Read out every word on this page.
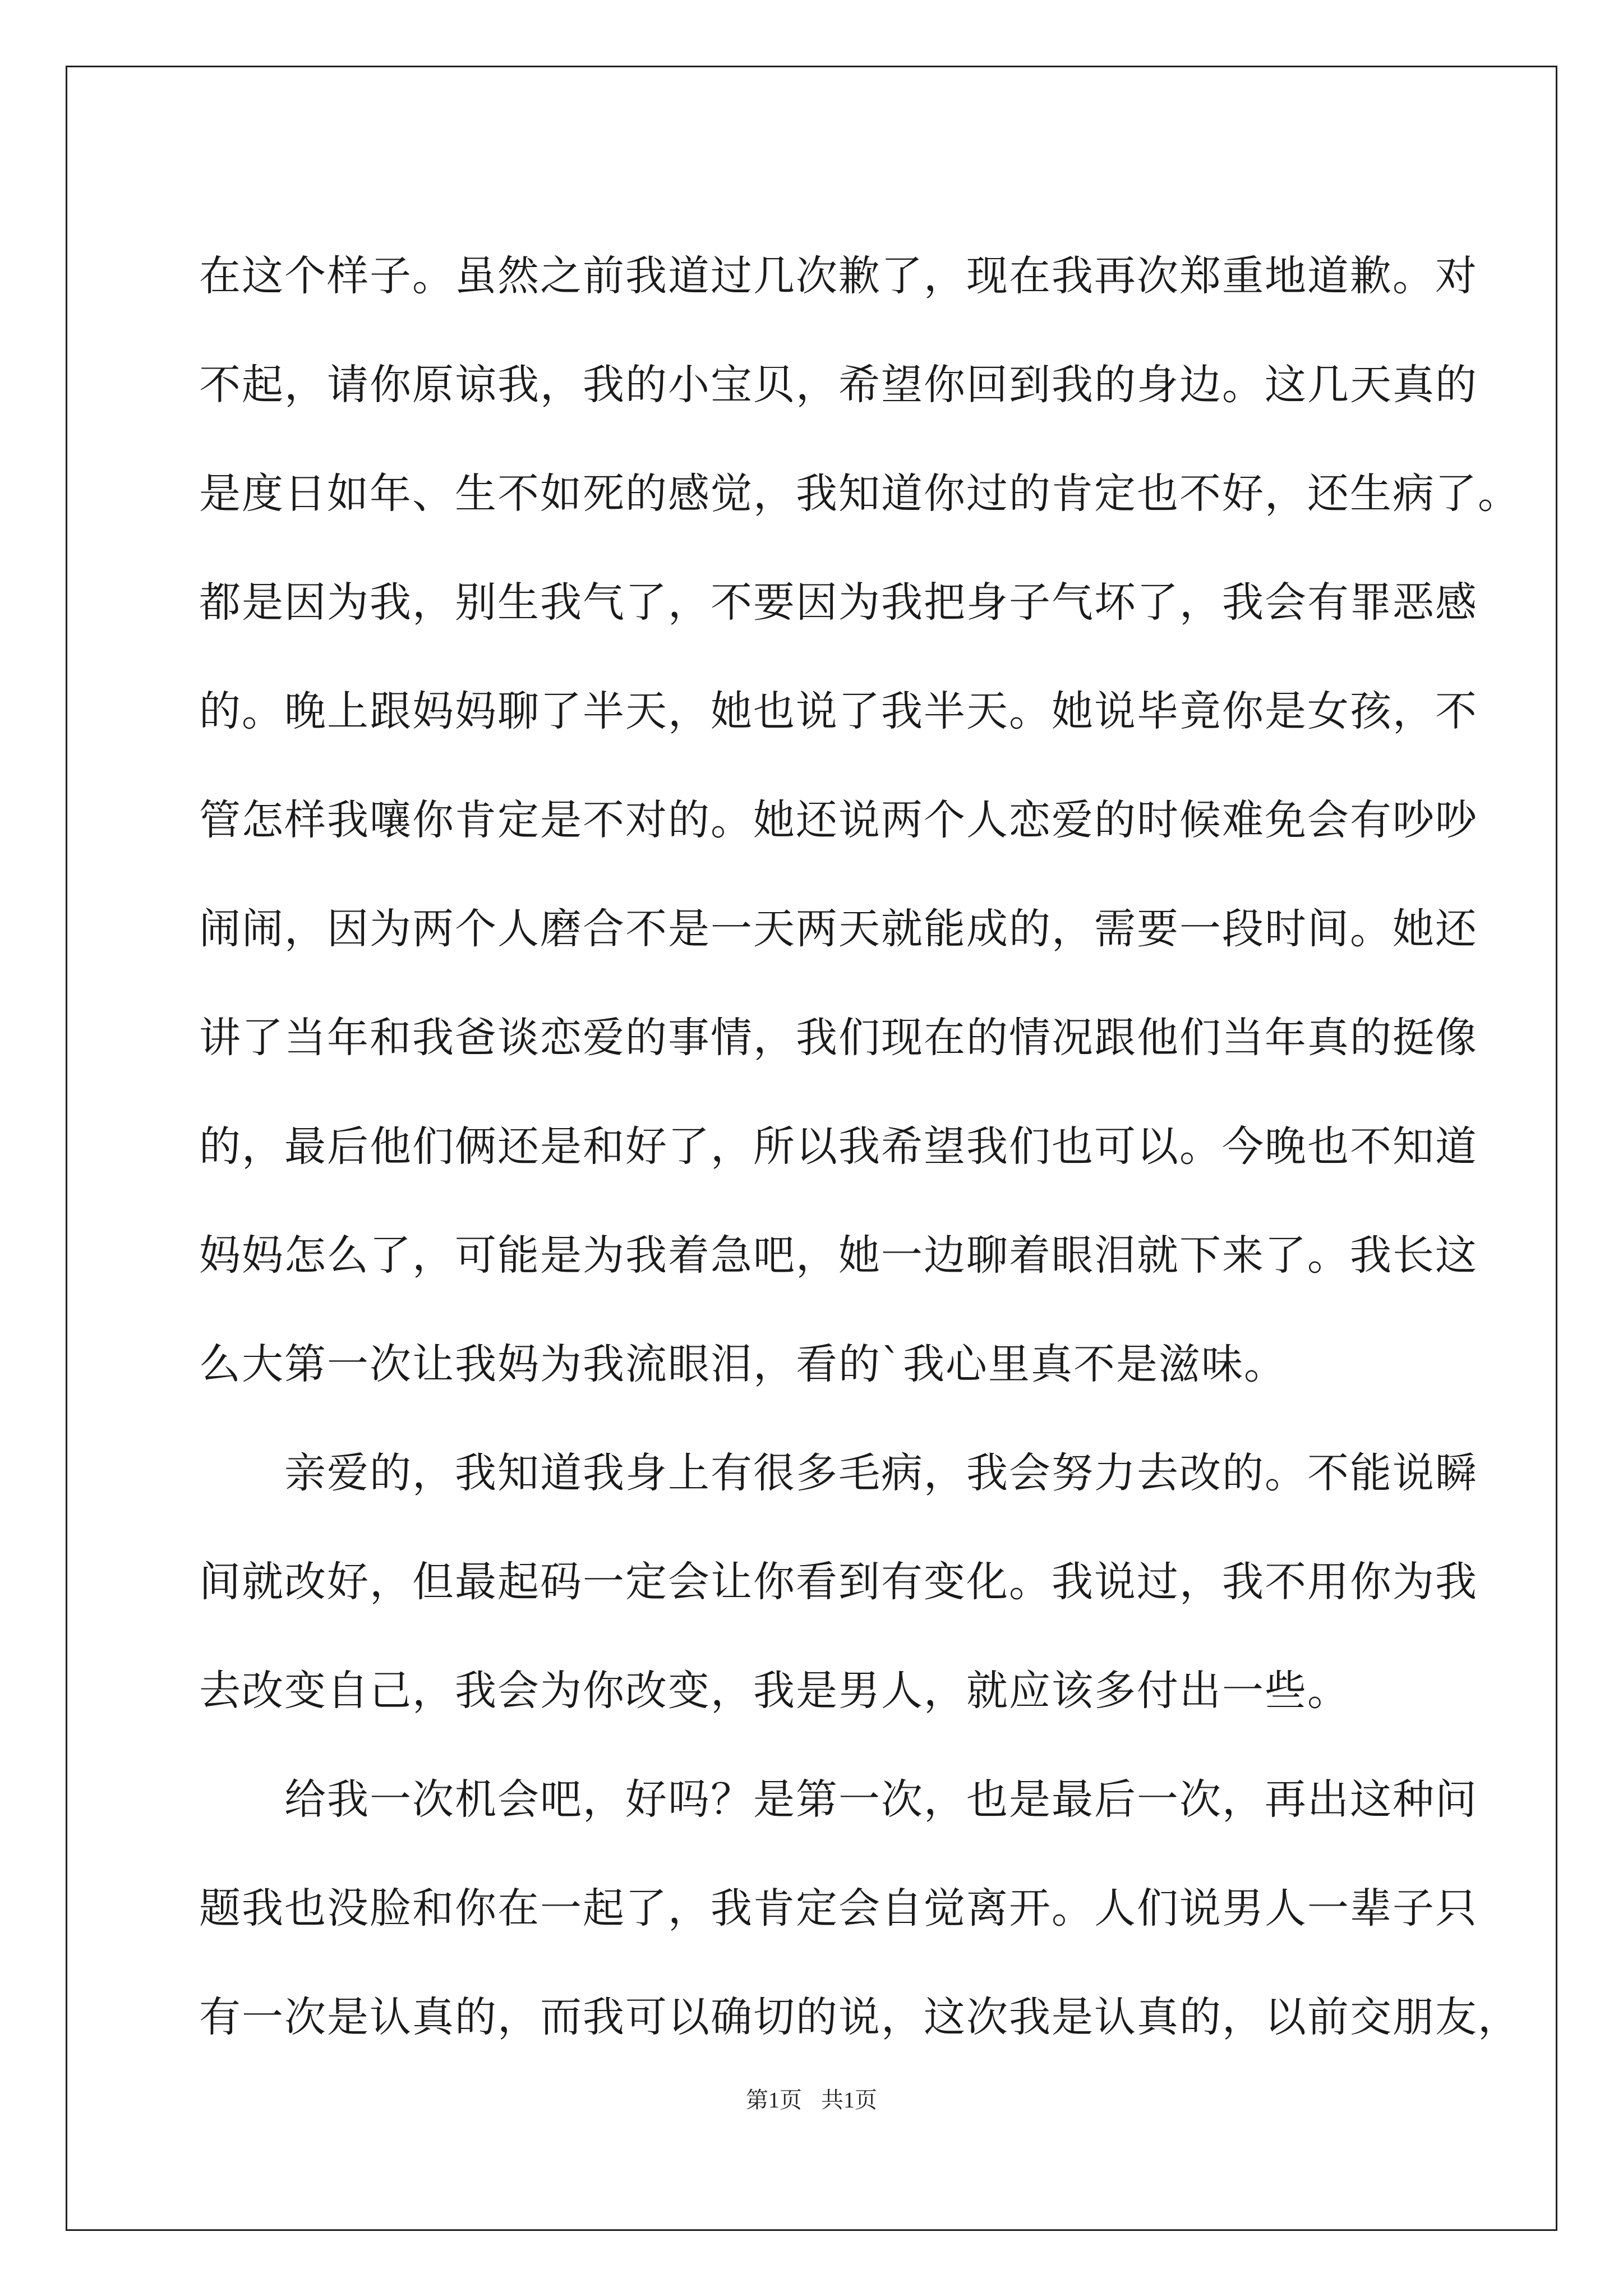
在这个样子。虽然之前我道过几次歉了，现在我再次郑重地道歉。对
不起，请你原谅我，我的小宝贝，希望你回到我的身边。这几天真的
是度日如年、生不如死的感觉，我知道你过的肯定也不好，还生病了。
都是因为我，别生我气了，不要因为我把身子气坏了，我会有罪恶感
的。晚上跟妈妈聊了半天，她也说了我半天。她说毕竟你是女孩，不
管怎样我嚷你肯定是不对的。她还说两个人恋爱的时候难免会有吵吵
闹闹，因为两个人磨合不是一天两天就能成的，需要一段时间。她还
讲了当年和我爸谈恋爱的事情，我们现在的情况跟他们当年真的挺像
的，最后他们俩还是和好了，所以我希望我们也可以。今晚也不知道
妈妈怎么了，可能是为我着急吧，她一边聊着眼泪就下来了。我长这
么大第一次让我妈为我流眼泪，看的`我心里真不是滋味。
　　亲爱的，我知道我身上有很多毛病，我会努力去改的。不能说瞬
间就改好，但最起码一定会让你看到有变化。我说过，我不用你为我
去改变自己，我会为你改变，我是男人，就应该多付出一些。
　　给我一次机会吧，好吗？是第一次，也是最后一次，再出这种问
题我也没脸和你在一起了，我肯定会自觉离开。人们说男人一辈子只
有一次是认真的，而我可以确切的说，这次我是认真的，以前交朋友，
第1页 共1页
